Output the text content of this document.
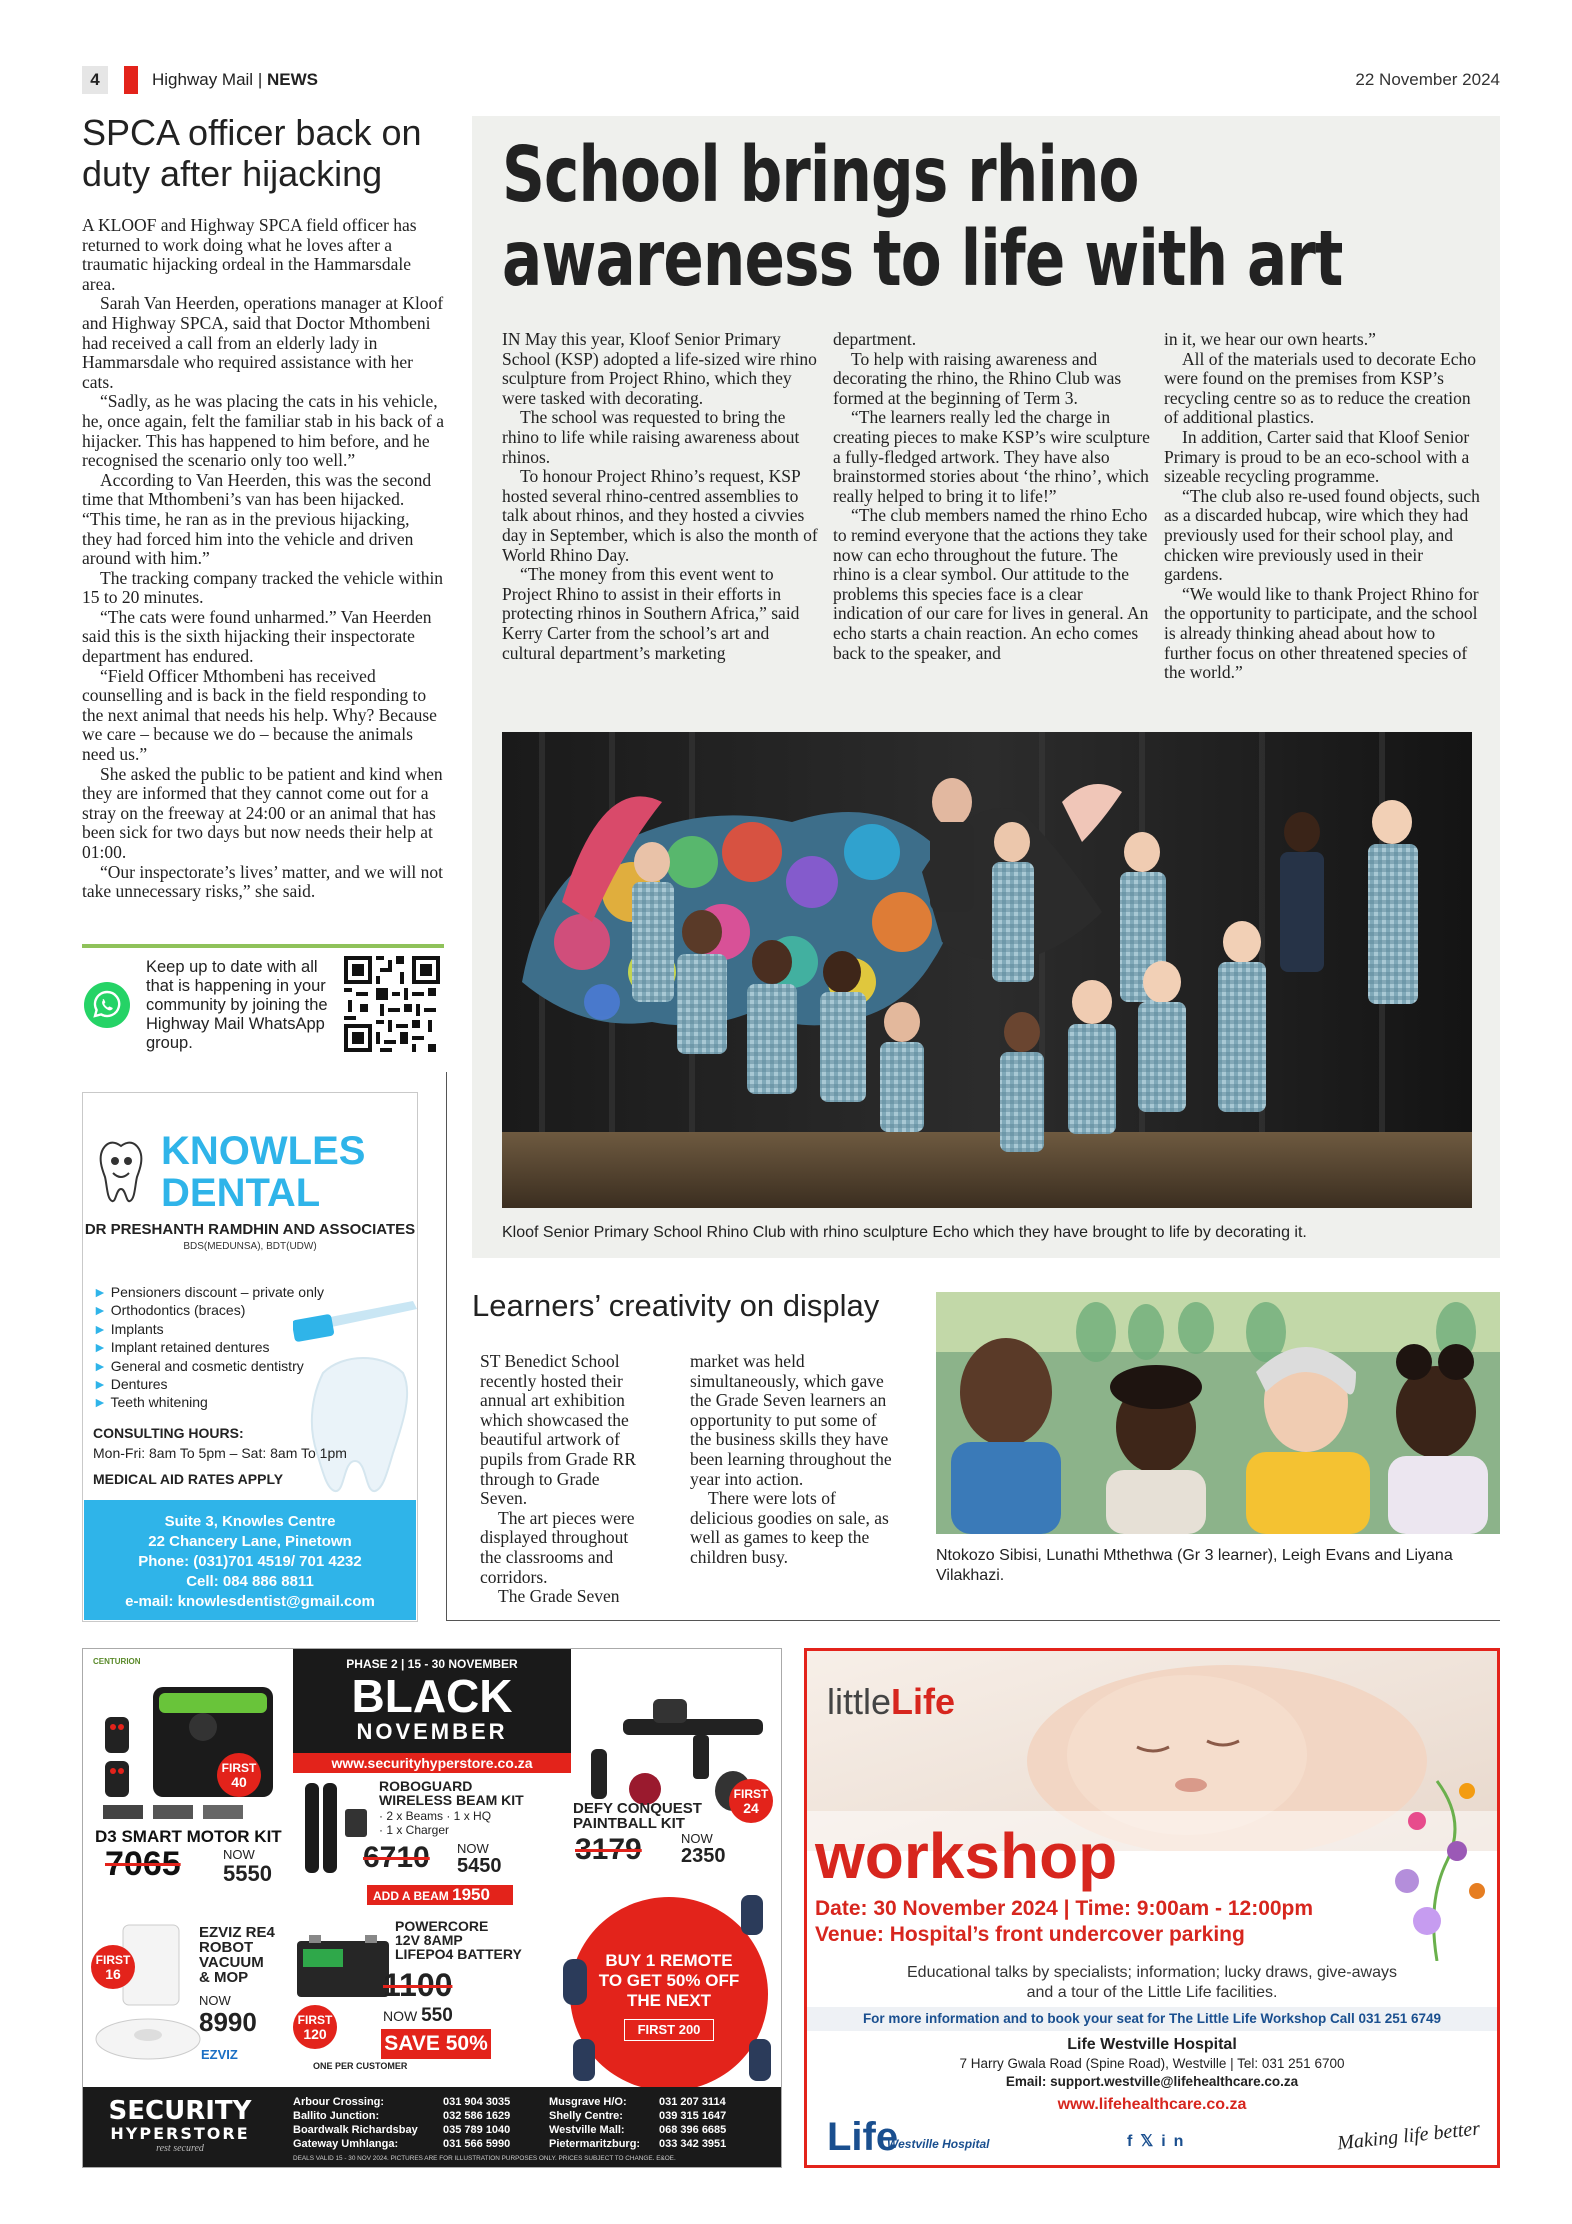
4	Highway Mail | NEWS	22 November 2024
SPCA officer back on duty after hijacking

A KLOOF and Highway SPCA field officer has returned to work doing what he loves after a traumatic hijacking ordeal in the Hammarsdale area.

Sarah Van Heerden, operations manager at Kloof and Highway SPCA, said that Doctor Mthombeni had received a call from an elderly lady in Hammarsdale who required assistance with her cats.

“Sadly, as he was placing the cats in his vehicle, he, once again, felt the familiar stab in his back of a hijacker. This has happened to him before, and he recognised the scenario only too well.”

According to Van Heerden, this was the second time that Mthombeni’s van has been hijacked. “This time, he ran as in the previous hijacking, they had forced him into the vehicle and driven around with him.”

The tracking company tracked the vehicle within 15 to 20 minutes.

“The cats were found unharmed.” Van Heerden said this is the sixth hijacking their inspectorate department has endured.

“Field Officer Mthombeni has received counselling and is back in the field responding to the next animal that needs his help. Why? Because we care – because we do – because the animals need us.”

She asked the public to be patient and kind when they are informed that they cannot come out for a stray on the freeway at 24:00 or an animal that has been sick for two days but now needs their help at 01:00.

“Our inspectorate’s lives’ matter, and we will not take unnecessary risks,” she said.

Keep up to date with all that is happening in your community by joining the Highway Mail WhatsApp group.
KNOWLES
DENTAL
DR PRESHANTH RAMDHIN AND ASSOCIATES
BDS(MEDUNSA), BDT(UDW)
► Pensioners discount – private only
► Orthodontics (braces)
► Implants
► Implant retained dentures
► General and cosmetic dentistry
► Dentures
► Teeth whitening
CONSULTING HOURS:
Mon-Fri: 8am To 5pm – Sat: 8am To 1pm
MEDICAL AID RATES APPLY
Suite 3, Knowles Centre
22 Chancery Lane, Pinetown
Phone: (031)701 4519/ 701 4232
Cell: 084 886 8811
e-mail: knowlesdentist@gmail.com
School brings rhino awareness to life with art

IN May this year, Kloof Senior Primary School (KSP) adopted a life-sized wire rhino sculpture from Project Rhino, which they were tasked with decorating.

The school was requested to bring the rhino to life while raising awareness about rhinos.

To honour Project Rhino’s request, KSP hosted several rhino-centred assemblies to talk about rhinos, and they hosted a civvies day in September, which is also the month of World Rhino Day.

“The money from this event went to Project Rhino to assist in their efforts in protecting rhinos in Southern Africa,” said Kerry Carter from the school’s art and cultural department’s marketing

department.

To help with raising awareness and decorating the rhino, the Rhino Club was formed at the beginning of Term 3.

“The learners really led the charge in creating pieces to make KSP’s wire sculpture a fully-fledged artwork. They have also brainstormed stories about ‘the rhino’, which really helped to bring it to life!”

“The club members named the rhino Echo to remind everyone that the actions they take now can echo throughout the future. The rhino is a clear symbol. Our attitude to the problems this species face is a clear indication of our care for lives in general. An echo starts a chain reaction. An echo comes back to the speaker, and

in it, we hear our own hearts.”

All of the materials used to decorate Echo were found on the premises from KSP’s recycling centre so as to reduce the creation of additional plastics.

In addition, Carter said that Kloof Senior Primary is proud to be an eco-school with a sizeable recycling programme.

“The club also re-used found objects, such as a discarded hubcap, wire which they had previously used for their school play, and chicken wire previously used in their gardens.

“We would like to thank Project Rhino for the opportunity to participate, and the school is already thinking ahead about how to further focus on other threatened species of the world.”

Kloof Senior Primary School Rhino Club with rhino sculpture Echo which they have brought to life by decorating it.
Learners’ creativity on display

ST Benedict School recently hosted their annual art exhibition which showcased the beautiful artwork of pupils from Grade RR through to Grade Seven.

The art pieces were displayed throughout the classrooms and corridors.

The Grade Seven

market was held simultaneously, which gave the Grade Seven learners an opportunity to put some of the business skills they have been learning throughout the year into action.

There were lots of delicious goodies on sale, as well as games to keep the children busy.	Ntokozo Sibisi, Lunathi Mthethwa (Gr 3 learner), Leigh Evans and Liyana Vilakhazi.
PHASE 2 | 15 - 30 NOVEMBER
BLACK
NOVEMBER
www.securityhyperstore.co.za
CENTURION
FIRST
40
D3 SMART MOTOR KIT
7065	NOW
5550
ROBOGUARD
WIRELESS BEAM KIT
· 2 x Beams · 1 x HQ
· 1 x Charger
6710 NOW
5450
ADD A BEAM 1950
FIRST
24
DEFY CONQUEST
PAINTBALL KIT
3179	NOW
2350
FIRST
16
EZVIZ RE4
ROBOT
VACUUM
& MOP
NOW
8990
EZVIZ
FIRST
120
POWERCORE
12V 8AMP
LIFEPO4 BATTERY
1100
NOW 550
SAVE 50%
ONE PER CUSTOMER
BUY 1 REMOTE
TO GET 50% OFF
THE NEXT
FIRST 200
SECURITY
HYPERSTORE
rest secured
Arbour Crossing:	031 904 3035
Ballito Junction:	032 586 1629
Boardwalk Richardsbay 035 789 1040
Gateway Umhlanga:	031 566 5990
Musgrave H/O:	031 207 3114
Shelly Centre:	039 315 1647
Westville Mall:	068 396 6685
Pietermaritzburg: 033 342 3951
DEALS VALID 15 - 30 NOV 2024. PICTURES ARE FOR ILLUSTRATION PURPOSES ONLY. PRICES SUBJECT TO CHANGE. E&OE.
littleLife
workshop
Date: 30 November 2024 | Time: 9:00am - 12:00pm
Venue: Hospital’s front undercover parking
Educational talks by specialists; information; lucky draws, give-aways
and a tour of the Little Life facilities.
For more information and to book your seat for The Little Life Workshop Call 031 251 6749
Life Westville Hospital
7 Harry Gwala Road (Spine Road), Westville | Tel: 031 251 6700
Email: support.westville@lifehealthcare.co.za
www.lifehealthcare.co.za
Life
Westville Hospital	f𝕏in	Making life better
